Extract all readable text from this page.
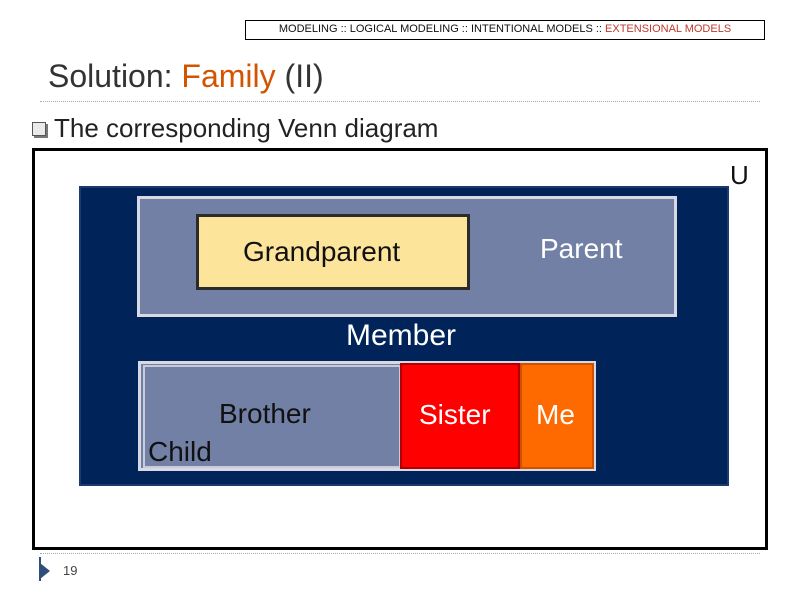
MODELING :: LOGICAL MODELING :: INTENTIONAL MODELS :: EXTENSIONAL MODELS
Solution: Family (II)
The corresponding Venn diagram
U
Grandparent	Parent
Member
Brother
Child
Sister Me
19
